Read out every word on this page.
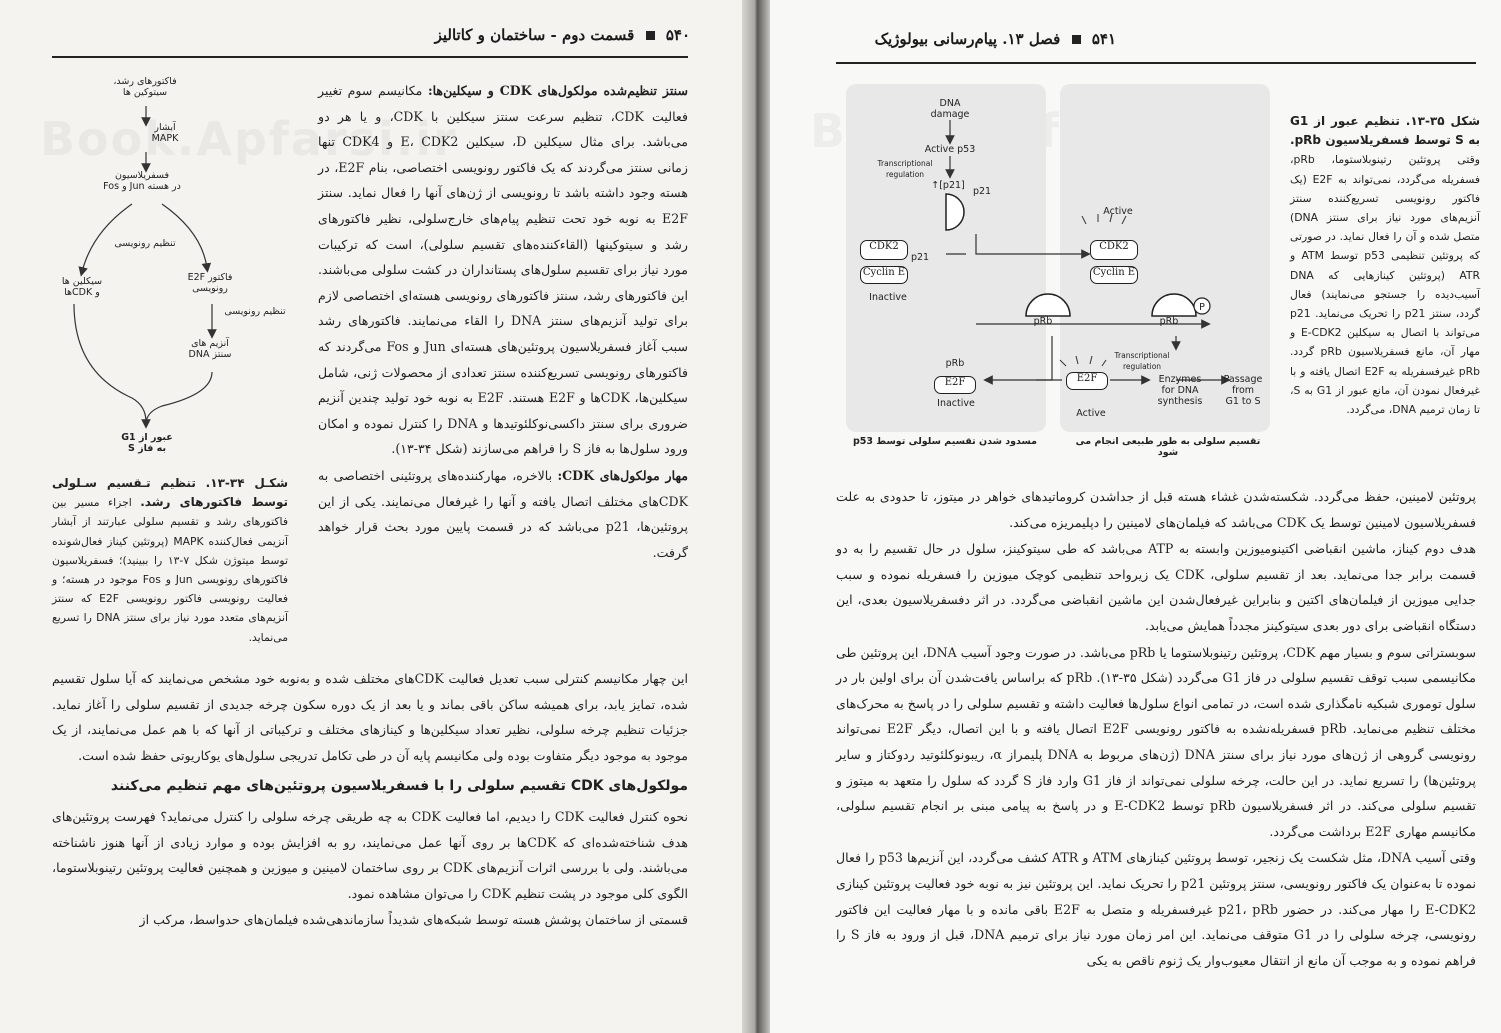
۵۴۰  قسمت دوم - ساختمان و کاتالیز
فاکتورهای رشد،
سیتوکین ها
آبشار
MAPK
فسفریلاسیون
Fos و Jun در هسته
تنظیم رونویسی
سیکلین ها
و CDKها
فاکتور E2F
رونویسی
تنظیم رونویسی
آنزیم های
سنتز DNA
عبور از G1
به فاز S
شکـل ۳۴-۱۳. تنظیم تـقسیم سـلولی توسط فاکتورهای رشد. اجزاء مسیر بین فاکتورهای رشد و تقسیم سلولی عبارتند از آبشار آنزیمی فعال‌کننده MAPK (پروتئین کیناز فعال‌شونده توسط میتوژن شکل ۷-۱۳ را ببینید)؛ فسفریلاسیون فاکتورهای رونویسی Jun و Fos موجود در هسته؛ و فعالیت رونویسی فاکتور رونویسی E2F که سنتز آنزیم‌های متعدد مورد نیاز برای سنتز DNA را تسریع می‌نماید.

سنتز تنظیم‌شده مولکول‌های CDK و سیکلین‌ها: مکانیسم سوم تغییر فعالیت CDK، تنظیم سرعت سنتز سیکلین با CDK، و یا هر دو می‌باشد. برای مثال سیکلین D، سیکلین E، CDK2 و CDK4 تنها زمانی سنتز می‌گردند که یک فاکتور رونویسی اختصاصی، بنام E2F، در هسته وجود داشته باشد تا رونویسی از ژن‌های آنها را فعال نماید. سنتز E2F به نوبه خود تحت تنظیم پیام‌های خارج‌سلولی، نظیر فاکتورهای رشد و سیتوکینها (القاءکننده‌های تقسیم سلولی)، است که ترکیبات مورد نیاز برای تقسیم سلول‌های پستانداران در کشت سلولی می‌باشند. این فاکتورهای رشد، سنتز فاکتورهای رونویسی هسته‌ای اختصاصی لازم برای تولید آنزیم‌های سنتز DNA را القاء می‌نمایند. فاکتورهای رشد سبب آغاز فسفریلاسیون پروتئین‌های هسته‌ای Jun و Fos می‌گردند که فاکتورهای رونویسی تسریع‌کننده سنتز تعدادی از محصولات ژنی، شامل سیکلین‌ها، CDKها و E2F هستند. E2F به نوبه خود تولید چندین آنزیم ضروری برای سنتز داکسی‌نوکلئوتیدها و DNA را کنترل نموده و امکان ورود سلول‌ها به فاز S را فراهم می‌سازند (شکل ۳۴-۱۳).

مهار مولکول‌های CDK: بالاخره، مهارکننده‌های پروتئینی اختصاصی به CDKهای مختلف اتصال یافته و آنها را غیرفعال می‌نمایند. یکی از این پروتئین‌ها، p21 می‌باشد که در قسمت پایین مورد بحث قرار خواهد گرفت.

این چهار مکانیسم کنترلی سبب تعدیل فعالیت CDKهای مختلف شده و به‌نوبه خود مشخص می‌نمایند که آیا سلول تقسیم شده، تمایز یابد، برای همیشه ساکن باقی بماند و یا بعد از یک دوره سکون چرخه جدیدی از تقسیم سلولی را آغاز نماید. جزئیات تنظیم چرخه سلولی، نظیر تعداد سیکلین‌ها و کینازهای مختلف و ترکیباتی از آنها که با هم عمل می‌نمایند، از یک موجود به موجود دیگر متفاوت بوده ولی مکانیسم پایه آن در طی تکامل تدریجی سلول‌های یوکاریوتی حفظ شده است.

مولکول‌های CDK تقسیم سلولی را با فسفریلاسیون پروتئین‌های مهم تنظیم می‌کنند

نحوه کنترل فعالیت CDK را دیدیم، اما فعالیت CDK به چه طریقی چرخه سلولی را کنترل می‌نماید؟ فهرست پروتئین‌های هدف شناخته‌شده‌ای که CDKها بر روی آنها عمل می‌نمایند، رو به افزایش بوده و موارد زیادی از آنها هنوز ناشناخته می‌باشند. ولی با بررسی اثرات آنزیم‌های CDK بر روی ساختمان لامینین و میوزین و همچنین فعالیت پروتئین رتینوبلاستوما، الگوی کلی موجود در پشت تنظیم CDK را می‌توان مشاهده نمود.

قسمتی از ساختمان پوشش هسته توسط شبکه‌های شدیداً سازماندهی‌شده فیلمان‌های حدواسط، مرکب از

۵۴۱  فصل ۱۳. پیام‌رسانی بیولوژیک
DNA
damage
Active p53
Transcriptional
regulation
↑[p21]
p21
CDK2
Cyclin E
p21
Inactive
Active
CDK2
Cyclin E
pRb	pRb
P
pRb
E2F
Inactive
Transcriptional
regulation
E2F
Active
Enzymes
for DNA
synthesis
Passage
from
G1 to S
مسدود شدن تقسیم سلولی توسط p53	تقسیم سلولی به طور طبیعی انجام می شود
شکل ۳۵-۱۳. تنظیم عبور از G1 به S توسط فسفریلاسیون pRb. وقتی پروتئین رتینوبلاستوما، pRb، فسفریله می‌گردد، نمی‌تواند به E2F (یک فاکتور رونویسی تسریع‌کننده سنتز آنزیم‌های مورد نیاز برای سنتز DNA) متصل شده و آن را فعال نماید. در صورتی که پروتئین تنظیمی p53 توسط ATM و ATR (پروتئین کینازهایی که DNA آسیب‌دیده را جستجو می‌نمایند) فعال گردد، سنتز p21 را تحریک می‌نماید. p21 می‌تواند با اتصال به سیکلین E-CDK2 و مهار آن، مانع فسفریلاسیون pRb گردد. pRb غیرفسفریله به E2F اتصال یافته و با غیرفعال نمودن آن، مانع عبور از G1 به S، تا زمان ترمیم DNA، می‌گردد.

پروتئین لامینین، حفظ می‌گردد. شکسته‌شدن غشاء هسته قبل از جداشدن کروماتیدهای خواهر در میتوز، تا حدودی به علت فسفریلاسیون لامینین توسط یک CDK می‌باشد که فیلمان‌های لامینین را دپلیمریزه می‌کند.

هدف دوم کیناز، ماشین انقباضی اکتینومیوزین وابسته به ATP می‌باشد که طی سیتوکینز، سلول در حال تقسیم را به دو قسمت برابر جدا می‌نماید. بعد از تقسیم سلولی، CDK یک زیرواحد تنظیمی کوچک میوزین را فسفریله نموده و سبب جدایی میوزین از فیلمان‌های اکتین و بنابراین غیرفعال‌شدن این ماشین انقباضی می‌گردد. در اثر دفسفریلاسیون بعدی، این دستگاه انقباضی برای دور بعدی سیتوکینز مجدداً همایش می‌یابد.

سوبستراتی سوم و بسیار مهم CDK، پروتئین رتینوبلاستوما یا pRb می‌باشد. در صورت وجود آسیب DNA، این پروتئین طی مکانیسمی سبب توقف تقسیم سلولی در فاز G1 می‌گردد (شکل ۳۵-۱۳). pRb که براساس یافت‌شدن آن برای اولین بار در سلول توموری شبکیه نامگذاری شده است، در تمامی انواع سلول‌ها فعالیت داشته و تقسیم سلولی را در پاسخ به محرک‌های مختلف تنظیم می‌نماید. pRb فسفریله‌نشده به فاکتور رونویسی E2F اتصال یافته و با این اتصال، دیگر E2F نمی‌تواند رونویسی گروهی از ژن‌های مورد نیاز برای سنتز DNA (ژن‌های مربوط به DNA پلیمراز α، ریبونوکلئوتید ردوکتاز و سایر پروتئین‌ها) را تسریع نماید. در این حالت، چرخه سلولی نمی‌تواند از فاز G1 وارد فاز S گردد که سلول را متعهد به میتوز و تقسیم سلولی می‌کند. در اثر فسفریلاسیون pRb توسط E-CDK2 و در پاسخ به پیامی مبنی بر انجام تقسیم سلولی، مکانیسم مهاری E2F برداشت می‌گردد.

وقتی آسیب DNA، مثل شکست یک زنجیر، توسط پروتئین کینازهای ATM و ATR کشف می‌گردد، این آنزیم‌ها p53 را فعال نموده تا به‌عنوان یک فاکتور رونویسی، سنتز پروتئین p21 را تحریک نماید. این پروتئین نیز به نوبه خود فعالیت پروتئین کینازی E-CDK2 را مهار می‌کند. در حضور p21، pRb غیرفسفریله و متصل به E2F باقی مانده و با مهار فعالیت این فاکتور رونویسی، چرخه سلولی را در G1 متوقف می‌نماید. این امر زمان مورد نیاز برای ترمیم DNA، قبل از ورود به فاز S را فراهم نموده و به موجب آن مانع از انتقال معیوب‌وار یک ژنوم ناقص به یکی
